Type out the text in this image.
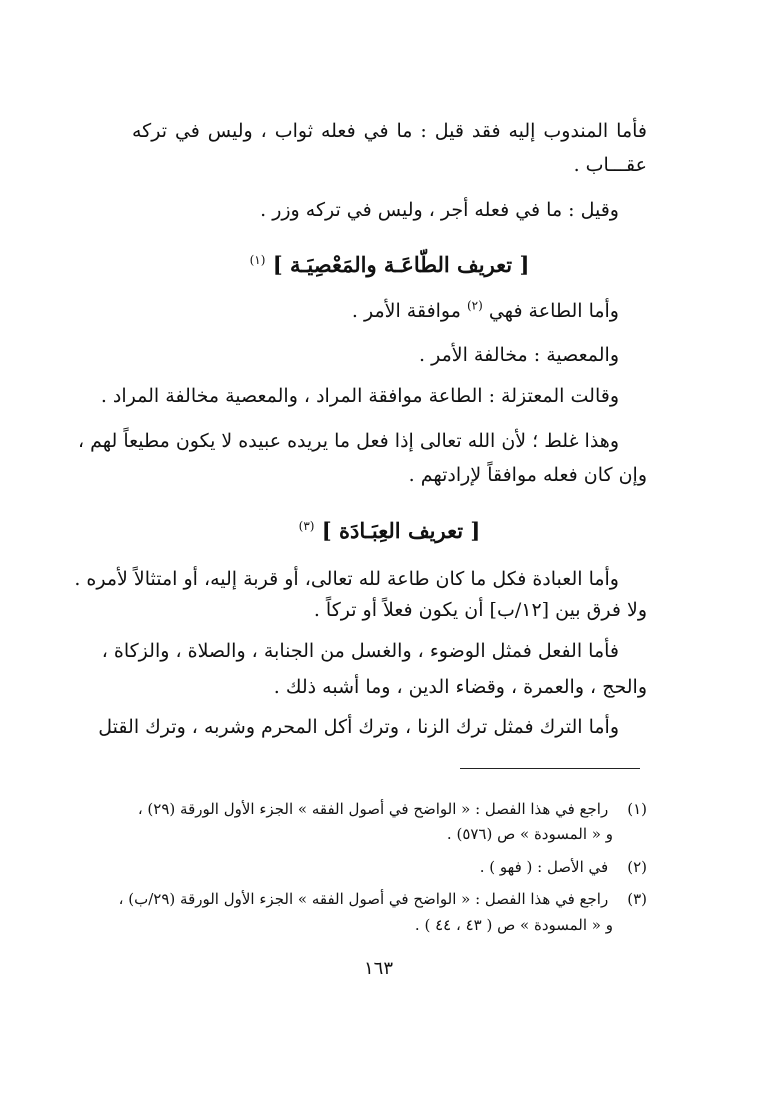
فأما المندوب إليه فقد قيل : ما في فعله ثواب ، وليس في تركه
عقـــاب .
وقيل : ما في فعله أجر ، وليس في تركه وزر .
[ تعريف الطّاعَـة والمَعْصِيَـة ] $^{(١)}$
وأما الطاعة فهي $^{(٢)}$ موافقة الأمر .
والمعصية : مخالفة الأمر .
وقالت المعتزلة : الطاعة موافقة المراد ، والمعصية مخالفة المراد .
وهذا غلط ؛ لأن الله تعالى إذا فعل ما يريده عبيده لا يكون مطيعاً لهم ،
وإن كان فعله موافقاً لإرادتهم .
[ تعريف العِبَـادَة ] $^{(٣)}$
وأما العبادة فكل ما كان طاعة لله تعالى، أو قربة إليه، أو امتثالاً لأمره .
ولا فرق بين [١٢/ب] أن يكون فعلاً أو تركاً .
فأما الفعل فمثل الوضوء ، والغسل من الجنابة ، والصلاة ، والزكاة ،
والحج ، والعمرة ، وقضاء الدين ، وما أشبه ذلك .
وأما الترك فمثل ترك الزنا ، وترك أكل المحرم وشربه ، وترك القتل
(١) راجع في هذا الفصل : « الواضح في أصول الفقه » الجزء الأول الورقة (٢٩) ،
و « المسودة » ص (٥٧٦) .
(٢) في الأصل : ( فهو ) .
(٣) راجع في هذا الفصل : « الواضح في أصول الفقه » الجزء الأول الورقة (٢٩/ب) ،
و « المسودة » ص ( ٤٣ ، ٤٤ ) .
١٦٣
